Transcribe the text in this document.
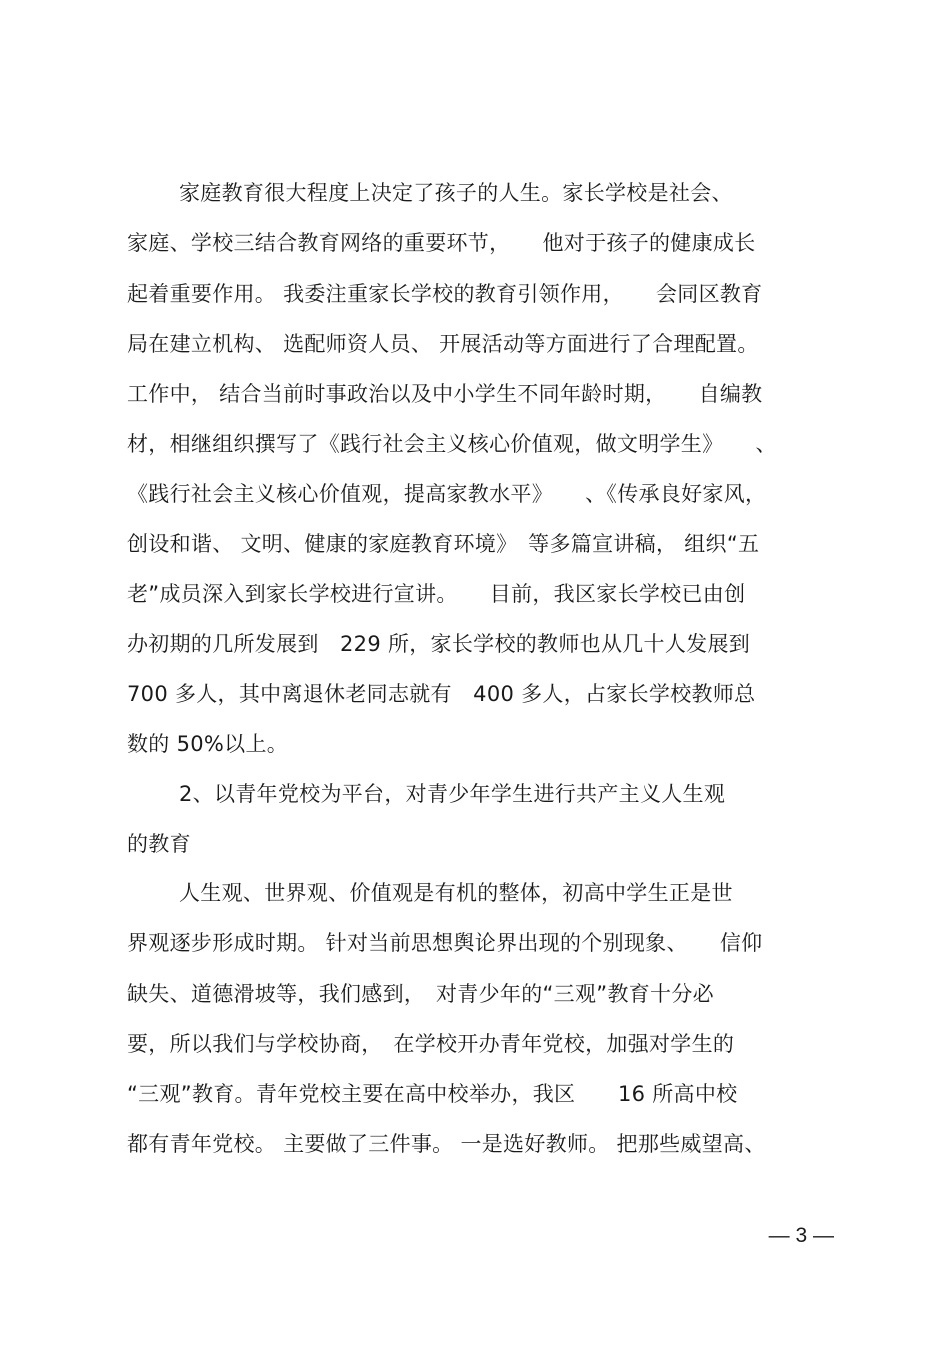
家庭教育很大程度上决定了孩子的人生。家长学校是社会、
家庭、学校三结合教育网络的重要环节，　　他对于孩子的健康成长
起着重要作用。 我委注重家长学校的教育引领作用，　　会同区教育
局在建立机构、 选配师资人员、 开展活动等方面进行了合理配置。
工作中， 结合当前时事政治以及中小学生不同年龄时期，　　自编教
材，相继组织撰写了《践行社会主义核心价值观，做文明学生》　　、
《践行社会主义核心价值观，提高家教水平》　　、《传承良好家风，
创设和谐、 文明、健康的家庭教育环境》　等多篇宣讲稿， 组织“五
老”成员深入到家长学校进行宣讲。　　目前，我区家长学校已由创
办初期的几所发展到　229 所，家长学校的教师也从几十人发展到
700 多人，其中离退休老同志就有　400 多人，占家长学校教师总
数的 50%以上。
2、以青年党校为平台，对青少年学生进行共产主义人生观
的教育
人生观、世界观、价值观是有机的整体，初高中学生正是世
界观逐步形成时期。 针对当前思想舆论界出现的个别现象、　　信仰
缺失、道德滑坡等，我们感到，　对青少年的“三观”教育十分必
要，所以我们与学校协商，　在学校开办青年党校，加强对学生的
“三观”教育。青年党校主要在高中校举办，我区　　16 所高中校
都有青年党校。 主要做了三件事。 一是选好教师。 把那些威望高、
— 3 —
